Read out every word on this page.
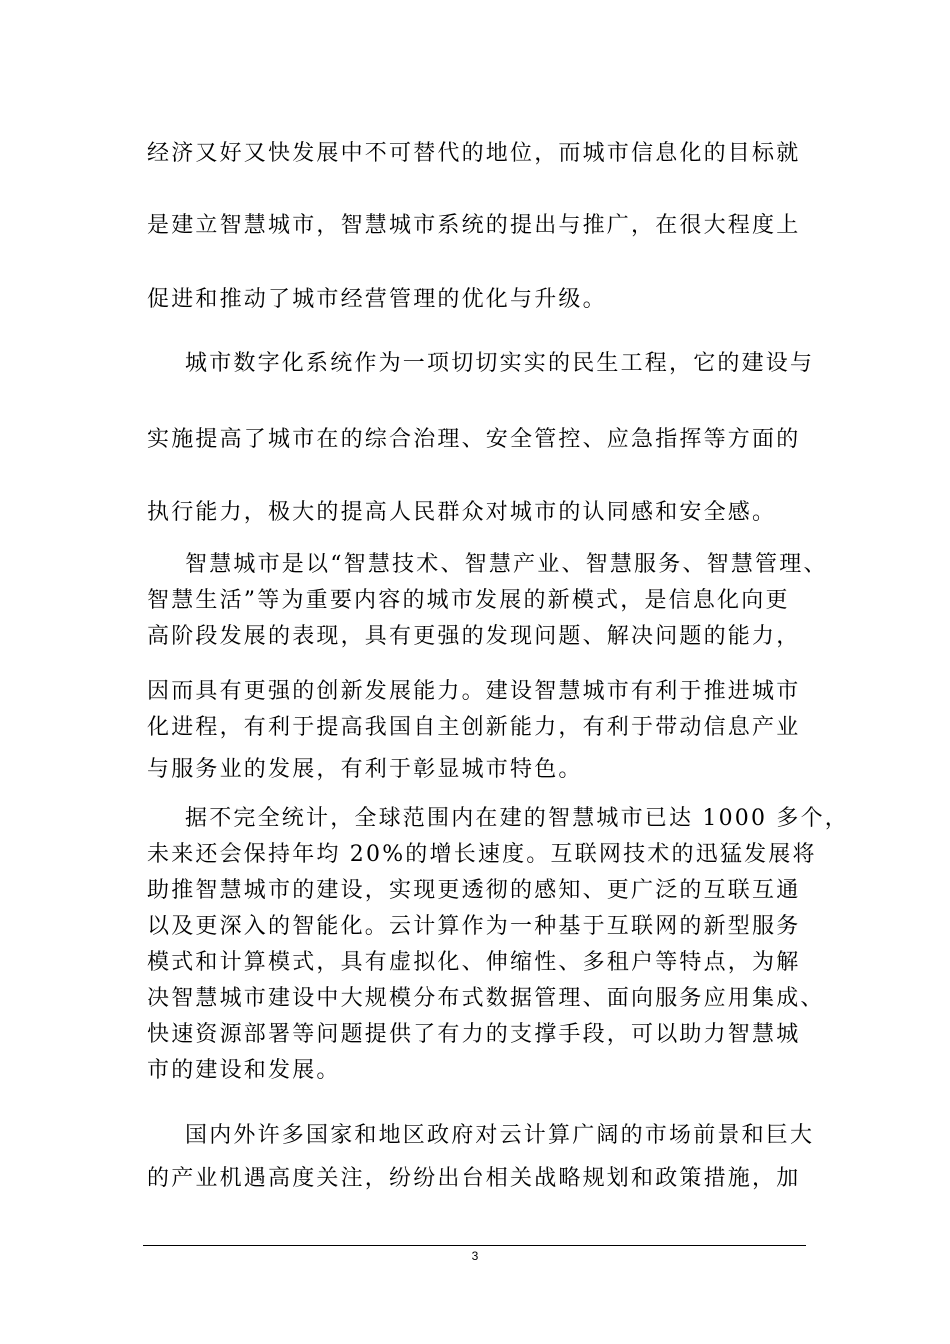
经济又好又快发展中不可替代的地位，而城市信息化的目标就

是建立智慧城市，智慧城市系统的提出与推广，在很大程度上

促进和推动了城市经营管理的优化与升级。

城市数字化系统作为一项切切实实的民生工程，它的建设与

实施提高了城市在的综合治理、安全管控、应急指挥等方面的

执行能力，极大的提高人民群众对城市的认同感和安全感。

智慧城市是以“智慧技术、智慧产业、智慧服务、智慧管理、

智慧生活”等为重要内容的城市发展的新模式，是信息化向更

高阶段发展的表现，具有更强的发现问题、解决问题的能力，

因而具有更强的创新发展能力。建设智慧城市有利于推进城市

化进程，有利于提高我国自主创新能力，有利于带动信息产业

与服务业的发展，有利于彰显城市特色。

据不完全统计，全球范围内在建的智慧城市已达 1000 多个，

未来还会保持年均 20%的增长速度。互联网技术的迅猛发展将

助推智慧城市的建设，实现更透彻的感知、更广泛的互联互通

以及更深入的智能化。云计算作为一种基于互联网的新型服务

模式和计算模式，具有虚拟化、伸缩性、多租户等特点，为解

决智慧城市建设中大规模分布式数据管理、面向服务应用集成、

快速资源部署等问题提供了有力的支撑手段，可以助力智慧城

市的建设和发展。

国内外许多国家和地区政府对云计算广阔的市场前景和巨大

的产业机遇高度关注，纷纷出台相关战略规划和政策措施，加

3
